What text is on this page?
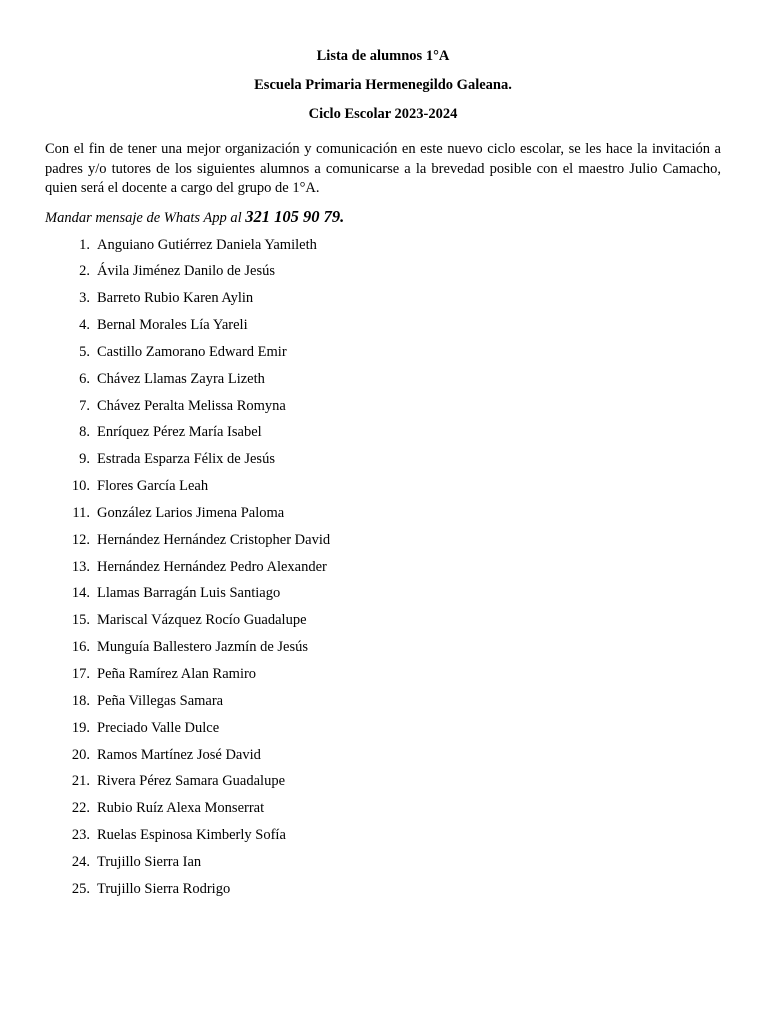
Lista de alumnos 1°A

Escuela Primaria Hermenegildo Galeana.

Ciclo Escolar 2023-2024

Con el fin de tener una mejor organización y comunicación en este nuevo ciclo escolar, se les hace la invitación a padres y/o tutores de los siguientes alumnos a comunicarse a la brevedad posible con el maestro Julio Camacho, quien será el docente a cargo del grupo de 1°A.

Mandar mensaje de Whats App al 321 105 90 79.

1. Anguiano Gutiérrez Daniela Yamileth
2. Ávila Jiménez Danilo de Jesús
3. Barreto Rubio Karen Aylin
4. Bernal Morales Lía Yareli
5. Castillo Zamorano Edward Emir
6. Chávez Llamas Zayra Lizeth
7. Chávez Peralta Melissa Romyna
8. Enríquez Pérez María Isabel
9. Estrada Esparza Félix de Jesús
10. Flores García Leah
11. González Larios Jimena Paloma
12. Hernández Hernández Cristopher David
13. Hernández Hernández Pedro Alexander
14. Llamas Barragán Luis Santiago
15. Mariscal Vázquez Rocío Guadalupe
16. Munguía Ballestero Jazmín de Jesús
17. Peña Ramírez Alan Ramiro
18. Peña Villegas Samara
19. Preciado Valle Dulce
20. Ramos Martínez José David
21. Rivera Pérez Samara Guadalupe
22. Rubio Ruíz Alexa Monserrat
23. Ruelas Espinosa Kimberly Sofía
24. Trujillo Sierra Ian
25. Trujillo Sierra Rodrigo
